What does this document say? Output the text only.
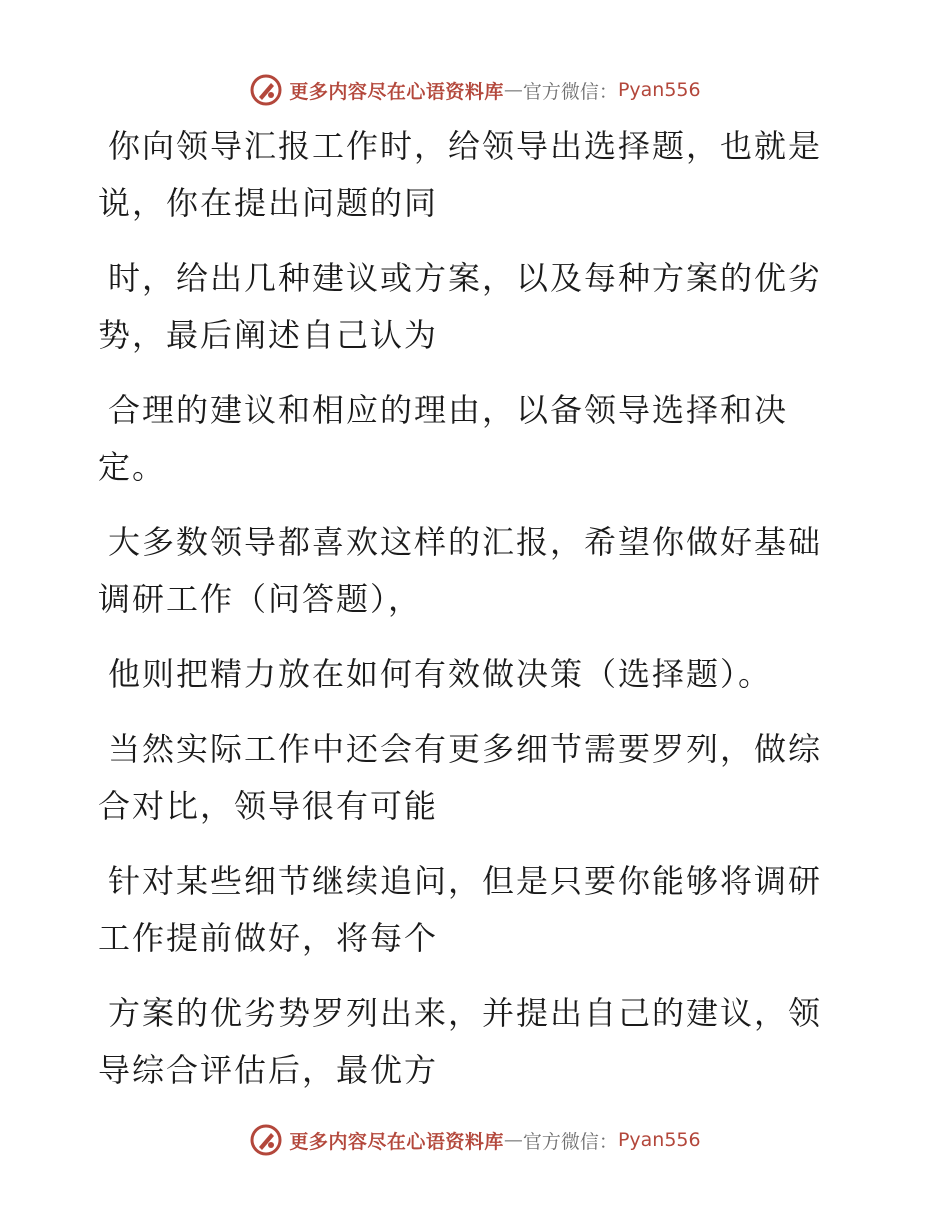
更多内容尽在心语资料库 — 官方微信： Pyan556

你向领导汇报工作时，给领导出选择题，也就是说，你在提出问题的同

时，给出几种建议或方案，以及每种方案的优劣势，最后阐述自己认为

合理的建议和相应的理由，以备领导选择和决定。

大多数领导都喜欢这样的汇报，希望你做好基础调研工作（问答题），

他则把精力放在如何有效做决策（选择题）。

当然实际工作中还会有更多细节需要罗列，做综合对比，领导很有可能

针对某些细节继续追问，但是只要你能够将调研工作提前做好，将每个

方案的优劣势罗列出来，并提出自己的建议，领导综合评估后，最优方

更多内容尽在心语资料库 — 官方微信： Pyan556
